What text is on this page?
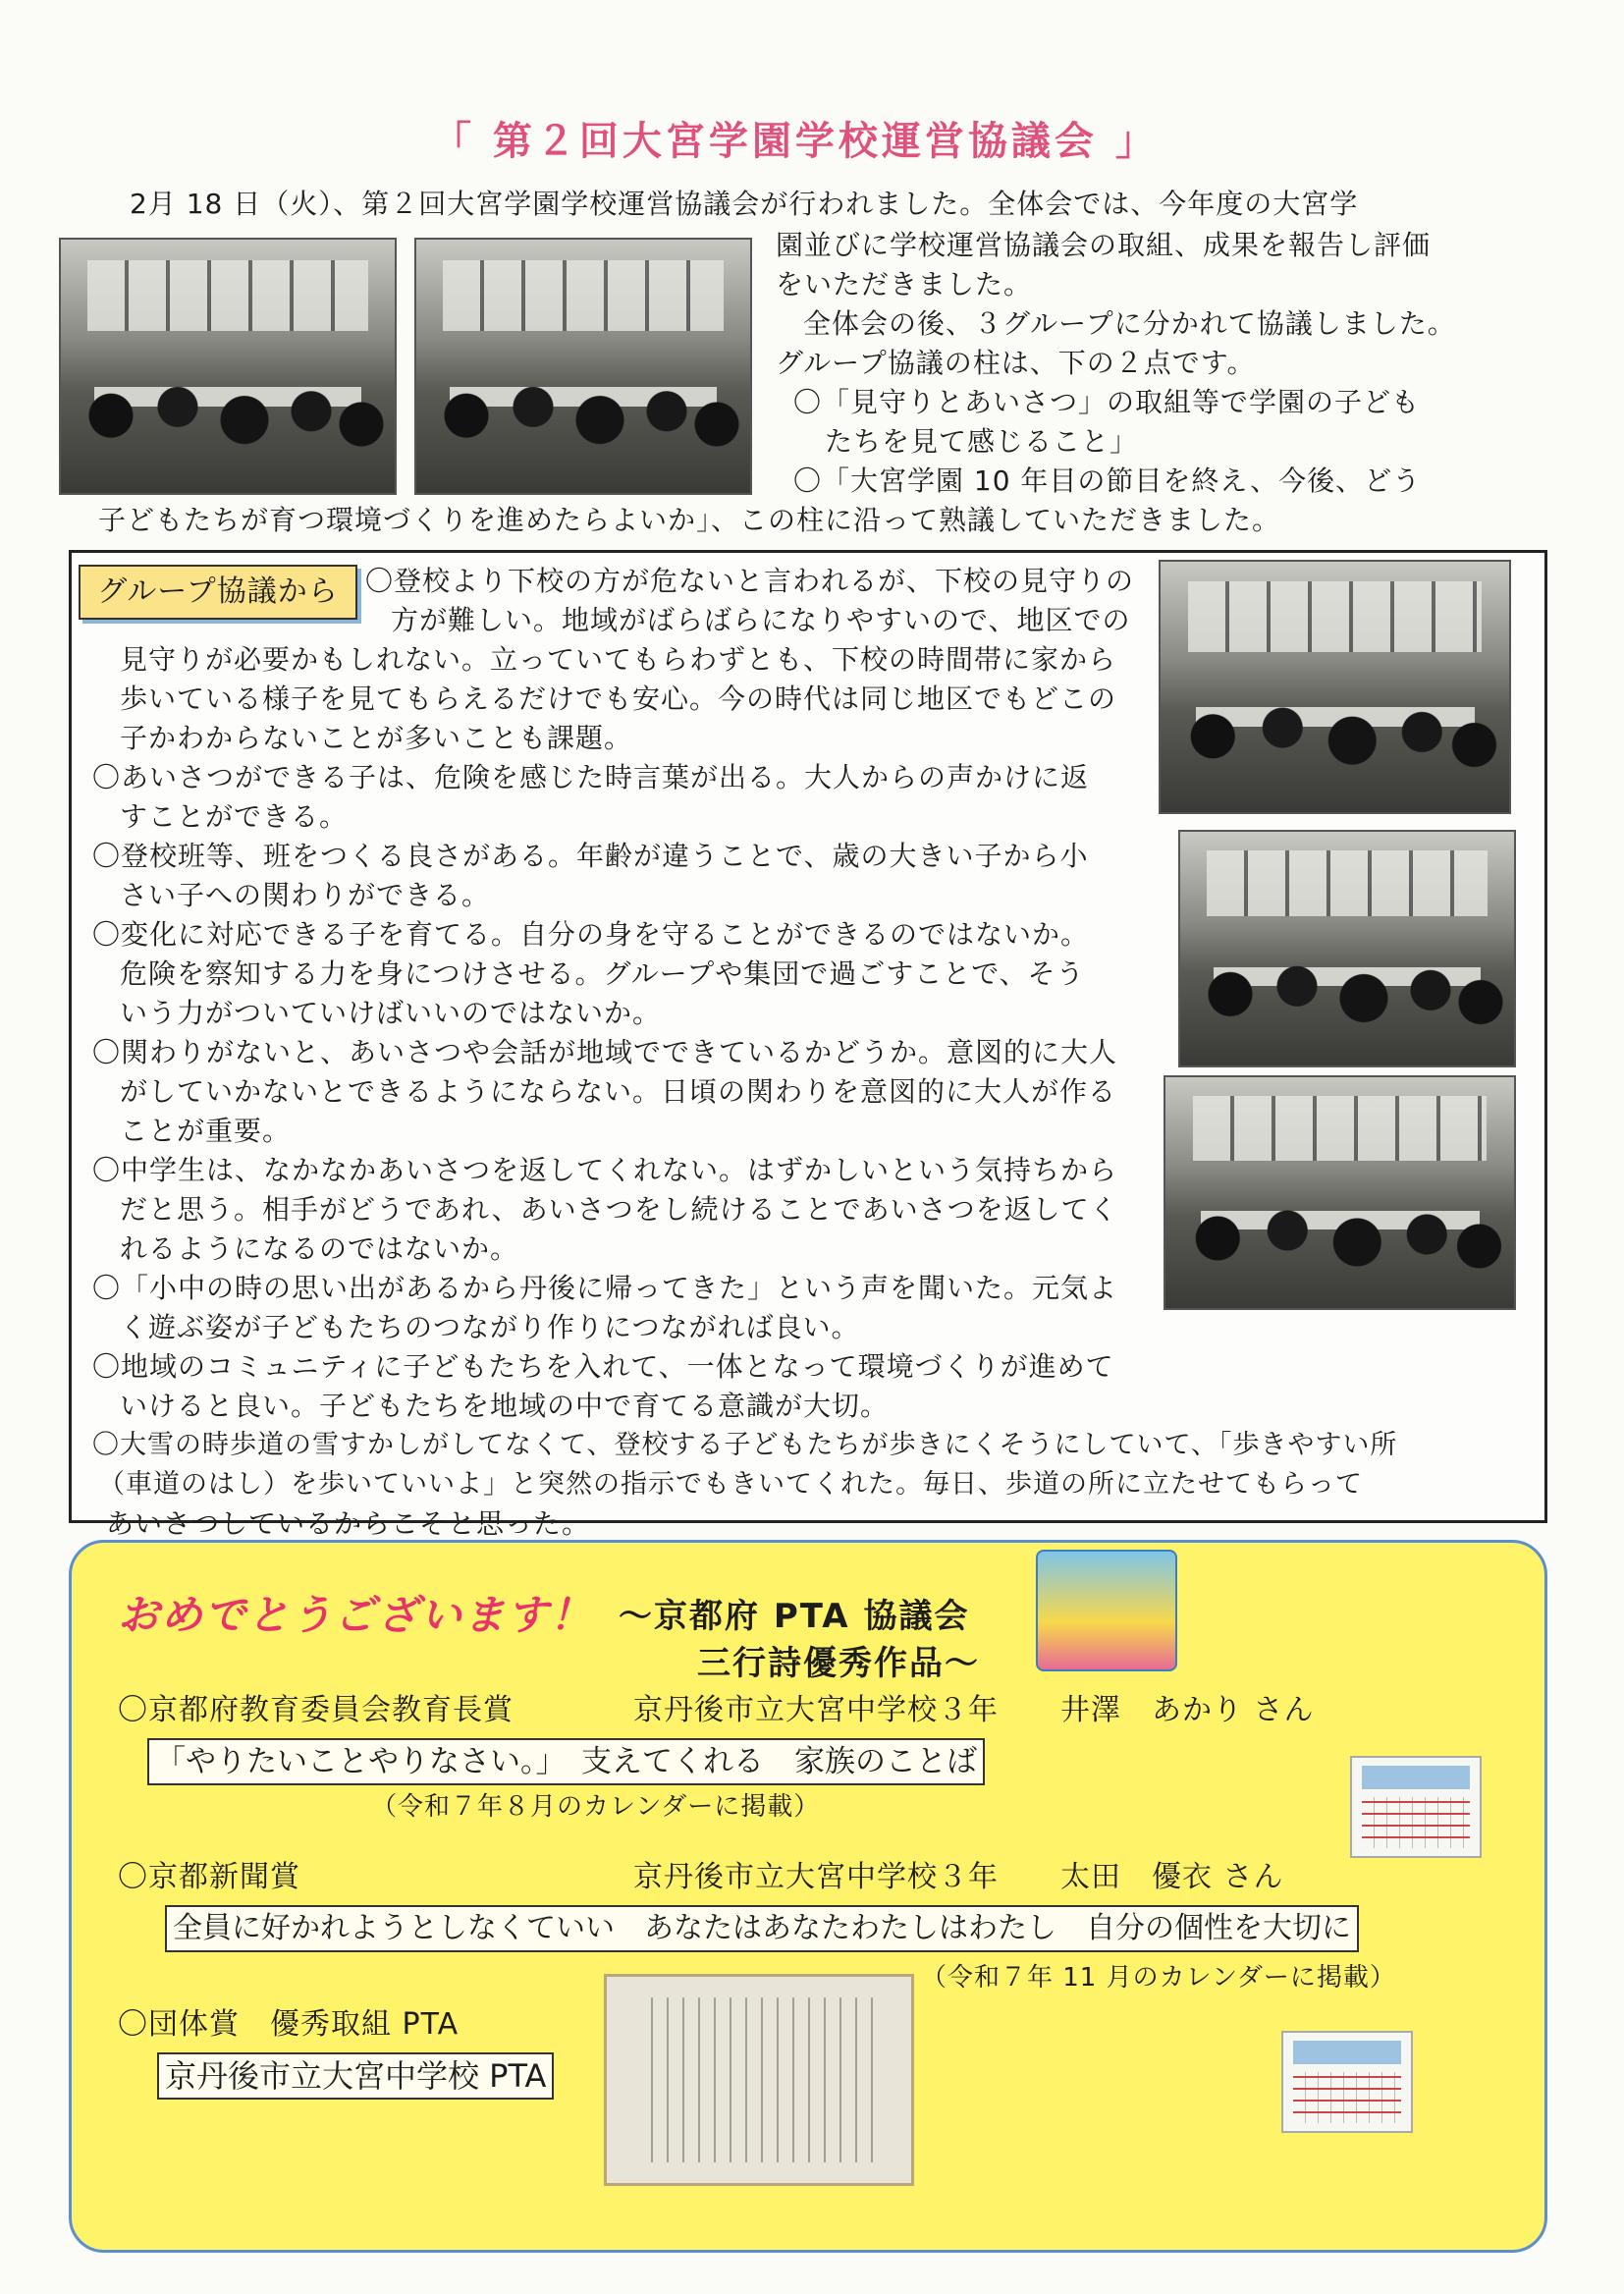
「 第２回大宮学園学校運営協議会 」
2月 18 日（火）、第２回大宮学園学校運営協議会が行われました。全体会では、今年度の大宮学
園並びに学校運営協議会の取組、成果を報告し評価
をいただきました。
全体会の後、３グループに分かれて協議しました。
グループ協議の柱は、下の２点です。
〇「見守りとあいさつ」の取組等で学園の子ども
たちを見て感じること」
〇「大宮学園 10 年目の節目を終え、今後、どう
子どもたちが育つ環境づくりを進めたらよいか」、この柱に沿って熟議していただきました。
グループ協議から 〇登校より下校の方が危ないと言われるが、下校の見守りの
方が難しい。地域がばらばらになりやすいので、地区での
見守りが必要かもしれない。立っていてもらわずとも、下校の時間帯に家から
歩いている様子を見てもらえるだけでも安心。今の時代は同じ地区でもどこの
子かわからないことが多いことも課題。
〇あいさつができる子は、危険を感じた時言葉が出る。大人からの声かけに返
すことができる。
〇登校班等、班をつくる良さがある。年齢が違うことで、歳の大きい子から小
さい子への関わりができる。
〇変化に対応できる子を育てる。自分の身を守ることができるのではないか。
危険を察知する力を身につけさせる。グループや集団で過ごすことで、そう
いう力がついていけばいいのではないか。
〇関わりがないと、あいさつや会話が地域でできているかどうか。意図的に大人
がしていかないとできるようにならない。日頃の関わりを意図的に大人が作る
ことが重要。
〇中学生は、なかなかあいさつを返してくれない。はずかしいという気持ちから
だと思う。相手がどうであれ、あいさつをし続けることであいさつを返してく
れるようになるのではないか。
〇「小中の時の思い出があるから丹後に帰ってきた」という声を聞いた。元気よ
く遊ぶ姿が子どもたちのつながり作りにつながれば良い。
〇地域のコミュニティに子どもたちを入れて、一体となって環境づくりが進めて
いけると良い。子どもたちを地域の中で育てる意識が大切。
〇大雪の時歩道の雪すかしがしてなくて、登校する子どもたちが歩きにくそうにしていて、「歩きやすい所
（車道のはし）を歩いていいよ」と突然の指示でもきいてくれた。毎日、歩道の所に立たせてもらって
あいさつしているからこそと思った。
おめでとうございます！ ～京都府 PTA 協議会
三行詩優秀作品～
〇京都府教育委員会教育長賞	京丹後市立大宮中学校３年 井澤　あかり さん
「やりたいことやりなさい。」　支えてくれる　家族のことば
（令和７年８月のカレンダーに掲載）
〇京都新聞賞	京丹後市立大宮中学校３年 太田　優衣 さん
全員に好かれようとしなくていい　あなたはあなたわたしはわたし　自分の個性を大切に
（令和７年 11 月のカレンダーに掲載）
〇団体賞　優秀取組 PTA
京丹後市立大宮中学校 PTA
